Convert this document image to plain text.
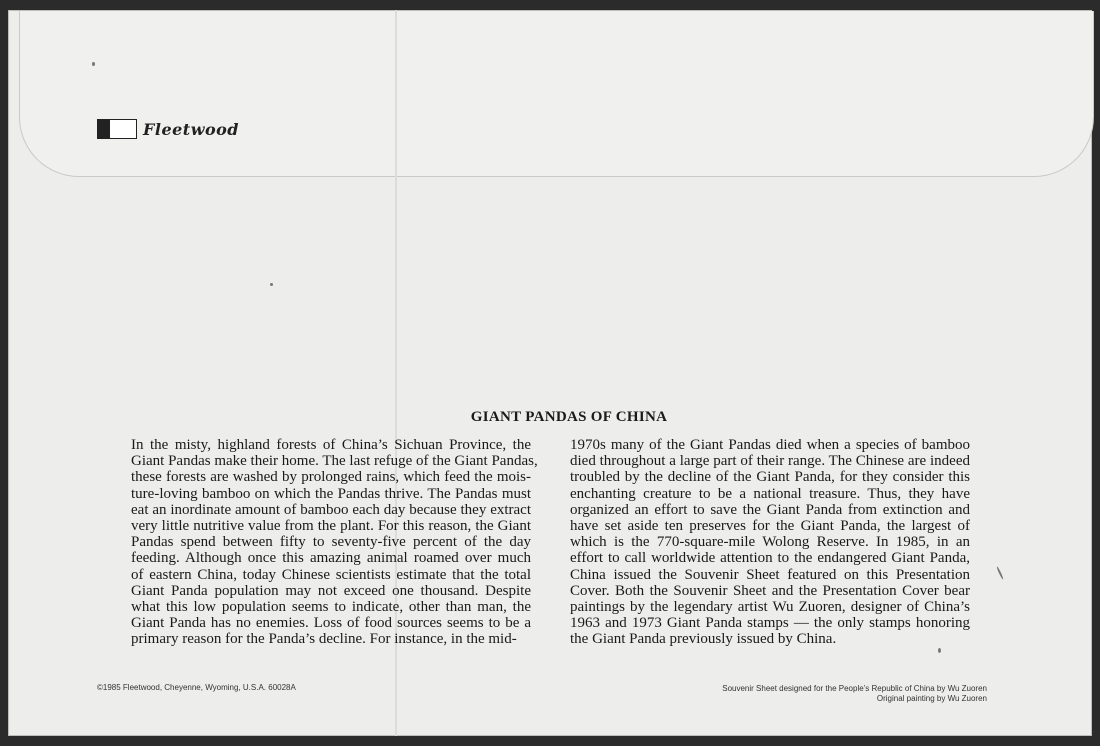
Fleetwood
GIANT PANDAS OF CHINA
In the misty, highland forests of China’s Sichuan Province, the
Giant Pandas make their home. The last refuge of the Giant Pandas,
these forests are washed by prolonged rains, which feed the mois-
ture-loving bamboo on which the Pandas thrive. The Pandas must
eat an inordinate amount of bamboo each day because they extract
very little nutritive value from the plant. For this reason, the Giant
Pandas spend between fifty to seventy-five percent of the day
feeding. Although once this amazing animal roamed over much
of eastern China, today Chinese scientists estimate that the total
Giant Panda population may not exceed one thousand. Despite
what this low population seems to indicate, other than man, the
Giant Panda has no enemies. Loss of food sources seems to be a
primary reason for the Panda’s decline. For instance, in the mid-
1970s many of the Giant Pandas died when a species of bamboo
died throughout a large part of their range. The Chinese are indeed
troubled by the decline of the Giant Panda, for they consider this
enchanting creature to be a national treasure. Thus, they have
organized an effort to save the Giant Panda from extinction and
have set aside ten preserves for the Giant Panda, the largest of
which is the 770-square-mile Wolong Reserve. In 1985, in an
effort to call worldwide attention to the endangered Giant Panda,
China issued the Souvenir Sheet featured on this Presentation
Cover. Both the Souvenir Sheet and the Presentation Cover bear
paintings by the legendary artist Wu Zuoren, designer of China’s
1963 and 1973 Giant Panda stamps — the only stamps honoring
the Giant Panda previously issued by China.
©1985 Fleetwood, Cheyenne, Wyoming, U.S.A. 60028A	Souvenir Sheet designed for the People’s Republic of China by Wu Zuoren
Original painting by Wu Zuoren
